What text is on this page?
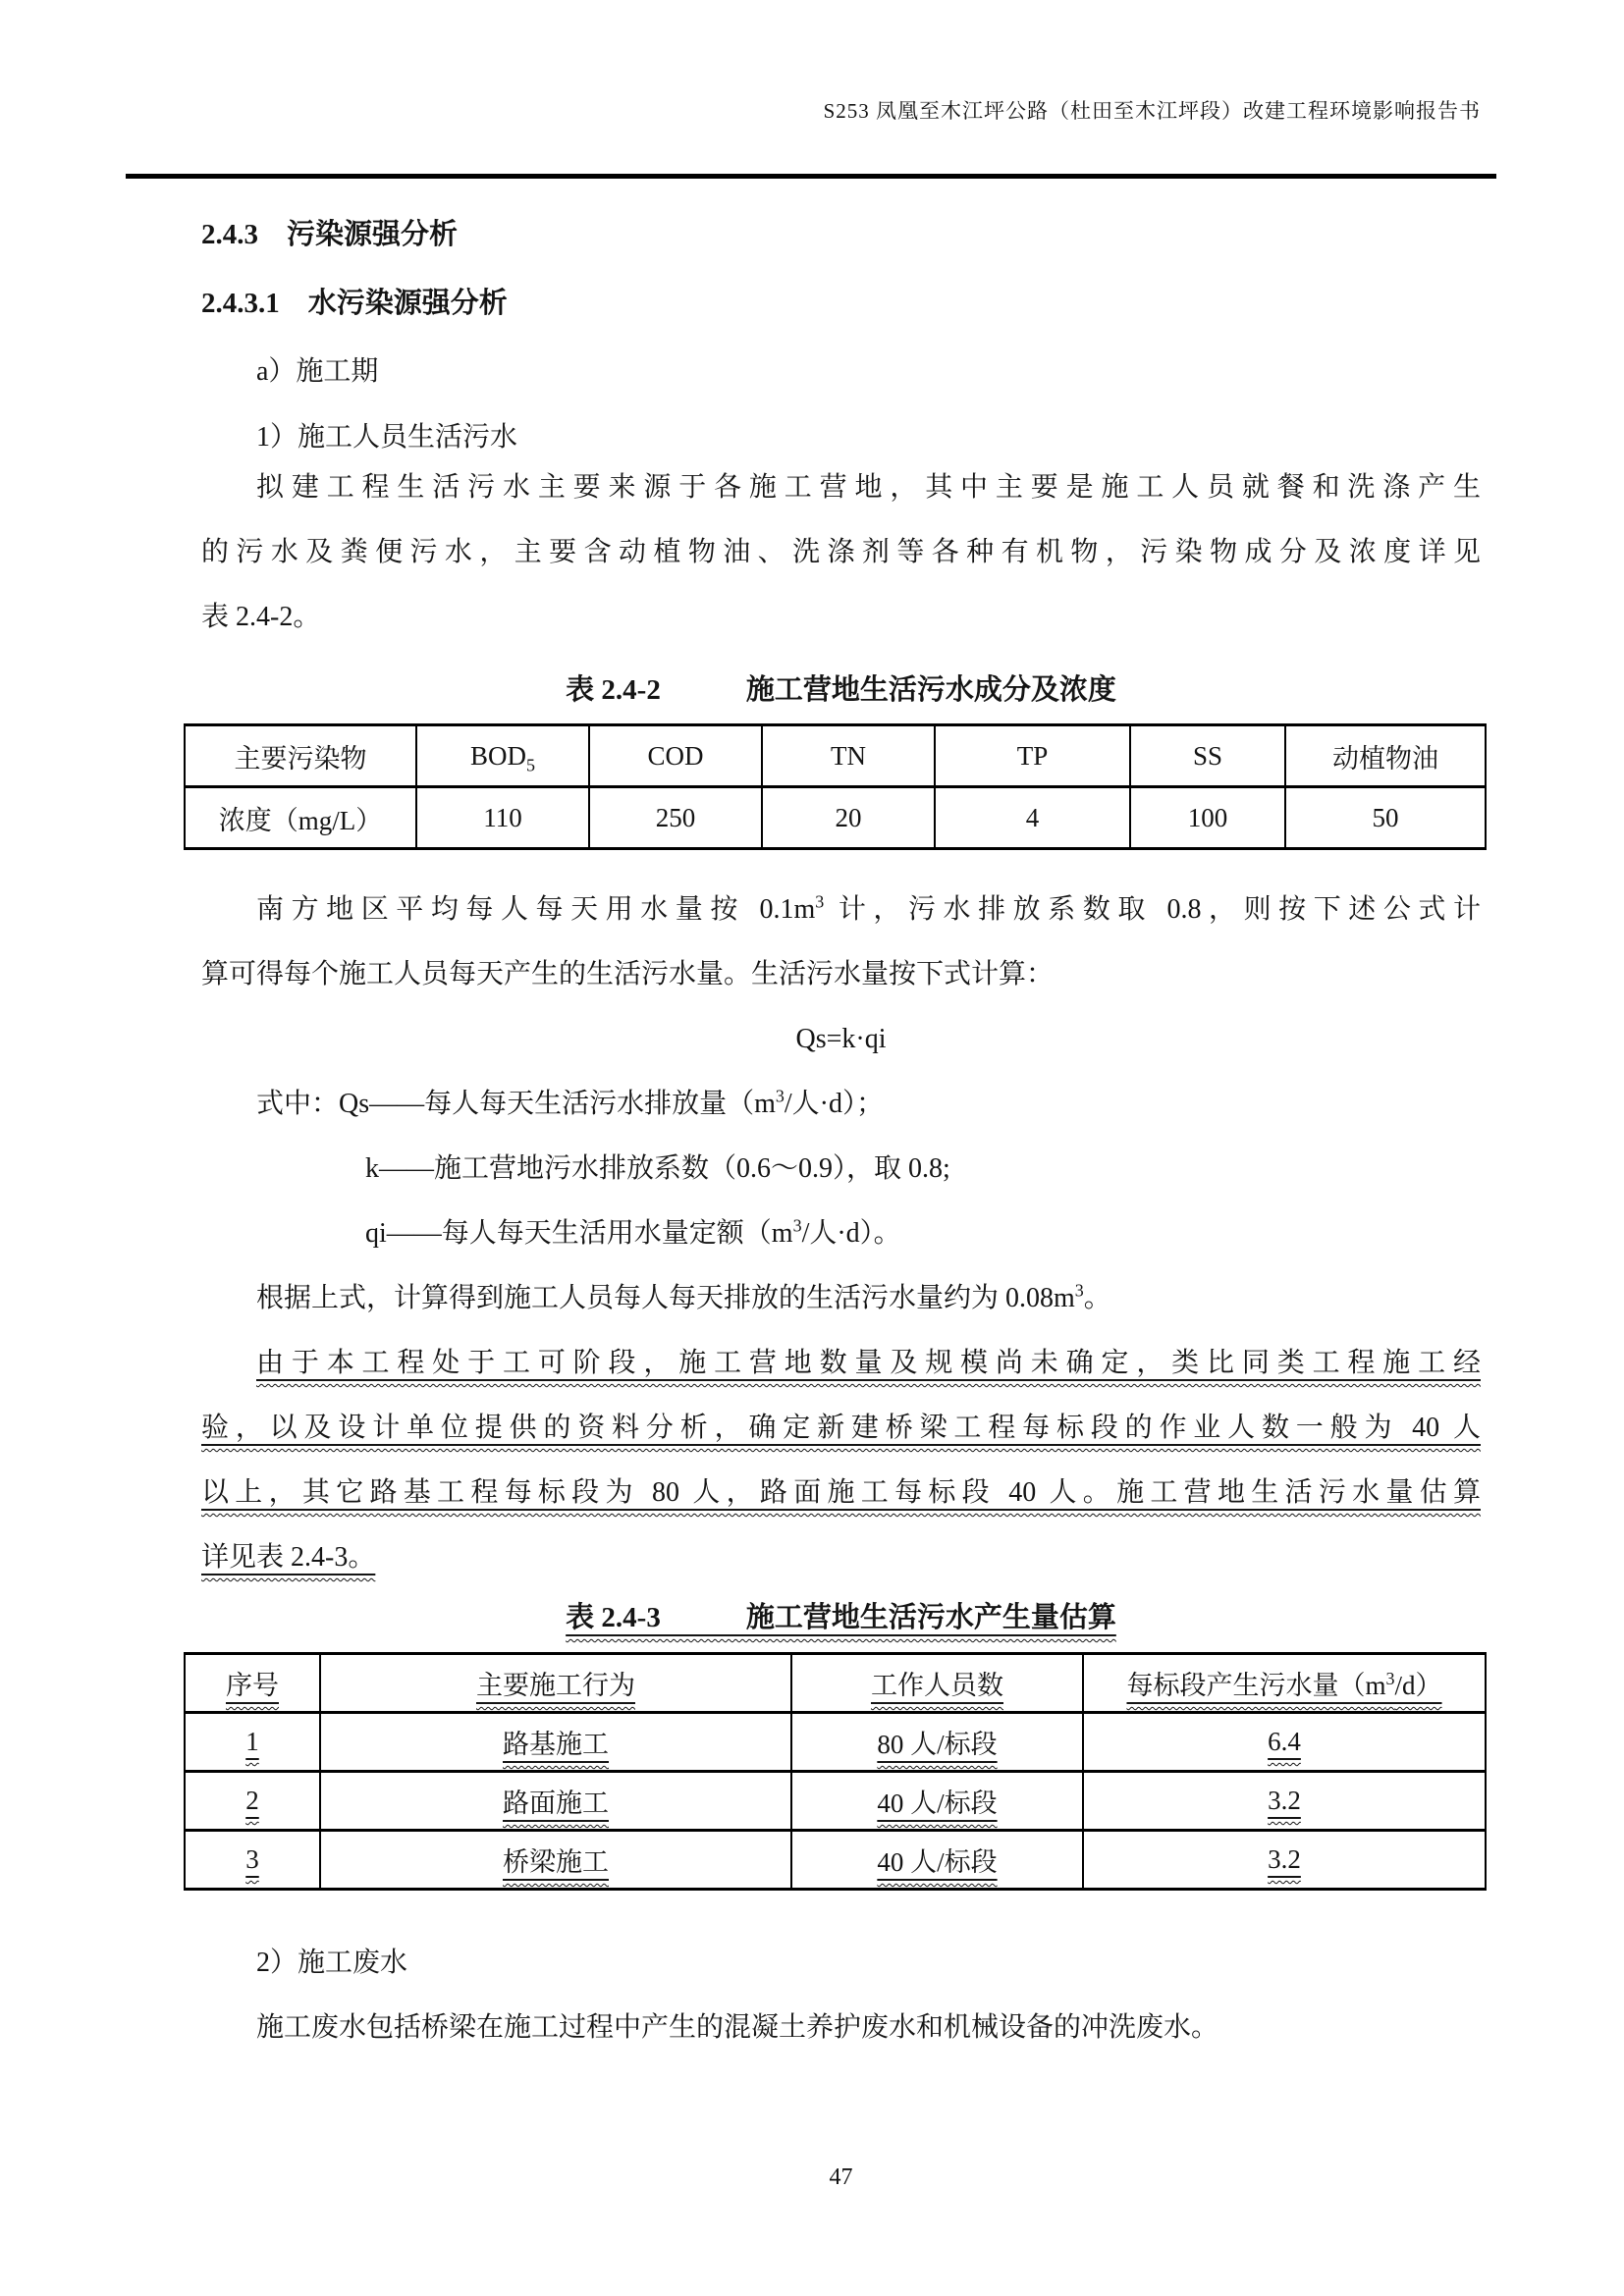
S253 凤凰至木江坪公路（杜田至木江坪段）改建工程环境影响报告书
2.4.3　污染源强分析
2.4.3.1　水污染源强分析
a）施工期
1）施工人员生活污水
拟建工程生活污水主要来源于各施工营地，其中主要是施工人员就餐和洗涤产生
的污水及粪便污水，主要含动植物油、洗涤剂等各种有机物，污染物成分及浓度详见
表 2.4-2。
表 2.4-2　　　施工营地生活污水成分及浓度
主要污染物	$BOD_5$	COD	TN	TP	SS	动植物油
浓度（mg/L）	110	250	20	4	100	50
南方地区平均每人每天用水量按 $0.1m^3$ 计，污水排放系数取 0.8，则按下述公式计
算可得每个施工人员每天产生的生活污水量。生活污水量按下式计算：
Qs=k·qi
式中：Qs——每人每天生活污水排放量（$m^3/$人·d）；
k——施工营地污水排放系数（0.6～0.9），取 0.8;
qi——每人每天生活用水量定额（$m^3/$人·d）。
根据上式，计算得到施工人员每人每天排放的生活污水量约为 $0.08m^3$。
由于本工程处于工可阶段，施工营地数量及规模尚未确定，类比同类工程施工经
验，以及设计单位提供的资料分析，确定新建桥梁工程每标段的作业人数一般为 40 人
以上，其它路基工程每标段为 80 人，路面施工每标段 40 人。施工营地生活污水量估算
详见表 2.4-3。
表 2.4-3　　　施工营地生活污水产生量估算
序号	主要施工行为	工作人员数	每标段产生污水量$(m^3/d)$
1	路基施工	80 人/标段	6.4
2	路面施工	40 人/标段	3.2
3	桥梁施工	40 人/标段	3.2
2）施工废水
施工废水包括桥梁在施工过程中产生的混凝土养护废水和机械设备的冲洗废水。
47
